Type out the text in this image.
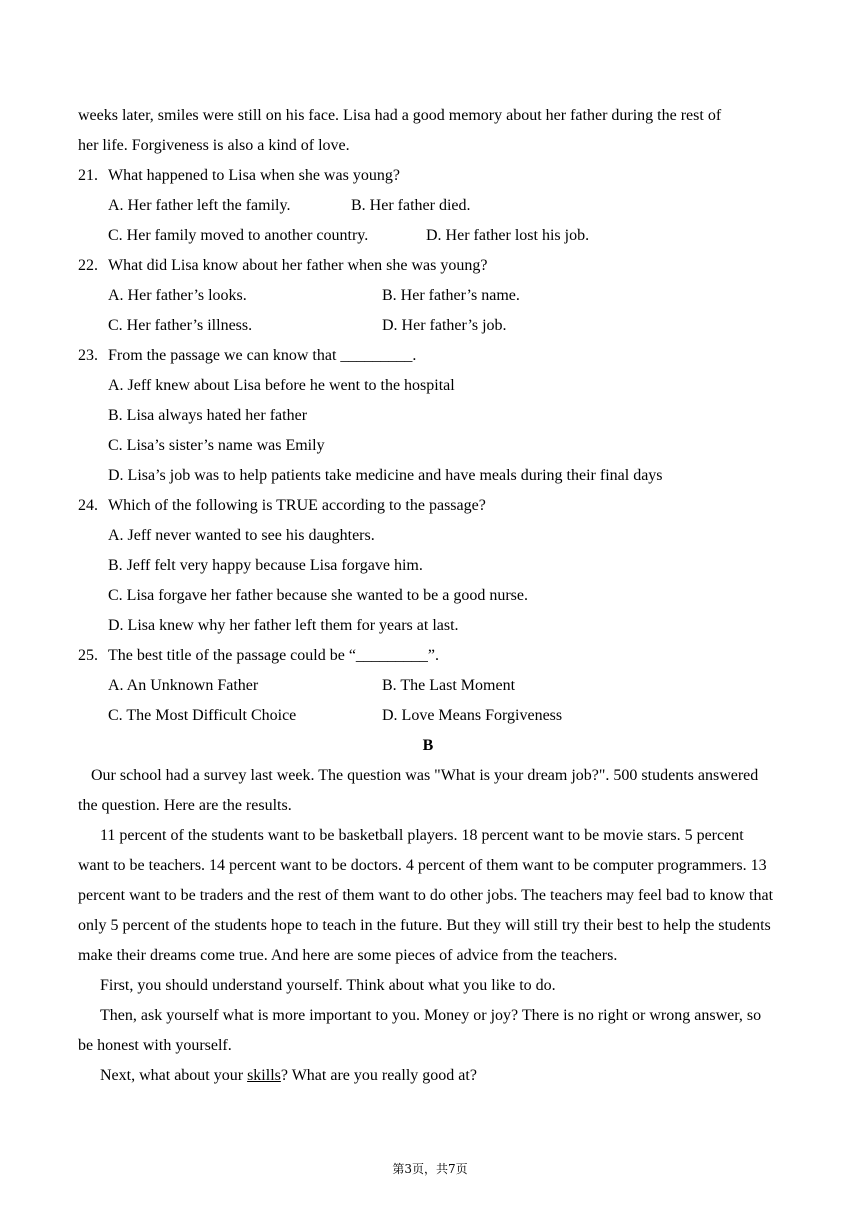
weeks later, smiles were still on his face. Lisa had a good memory about her father during the rest of
her life. Forgiveness is also a kind of love.
21. What happened to Lisa when she was young?
A. Her father left the family.	B. Her father died.
C. Her family moved to another country.	D. Her father lost his job.
22. What did Lisa know about her father when she was young?
A. Her father’s looks.	B. Her father’s name.
C. Her father’s illness.	D. Her father’s job.
23. From the passage we can know that _________.
A. Jeff knew about Lisa before he went to the hospital
B. Lisa always hated her father
C. Lisa’s sister’s name was Emily
D. Lisa’s job was to help patients take medicine and have meals during their final days
24. Which of the following is TRUE according to the passage?
A. Jeff never wanted to see his daughters.
B. Jeff felt very happy because Lisa forgave him.
C. Lisa forgave her father because she wanted to be a good nurse.
D. Lisa knew why her father left them for years at last.
25. The best title of the passage could be “_________”.
A. An Unknown Father	B. The Last Moment
C. The Most Difficult Choice	D. Love Means Forgiveness
B
Our school had a survey last week. The question was "What is your dream job?". 500 students answered the question. Here are the results.
11 percent of the students want to be basketball players. 18 percent want to be movie stars. 5 percent want to be teachers. 14 percent want to be doctors. 4 percent of them want to be computer programmers. 13 percent want to be traders and the rest of them want to do other jobs. The teachers may feel bad to know that only 5 percent of the students hope to teach in the future. But they will still try their best to help the students make their dreams come true. And here are some pieces of advice from the teachers.
First, you should understand yourself. Think about what you like to do.
Then, ask yourself what is more important to you. Money or joy? There is no right or wrong answer, so be honest with yourself.
Next, what about your skills? What are you really good at?
第3页，共7页
